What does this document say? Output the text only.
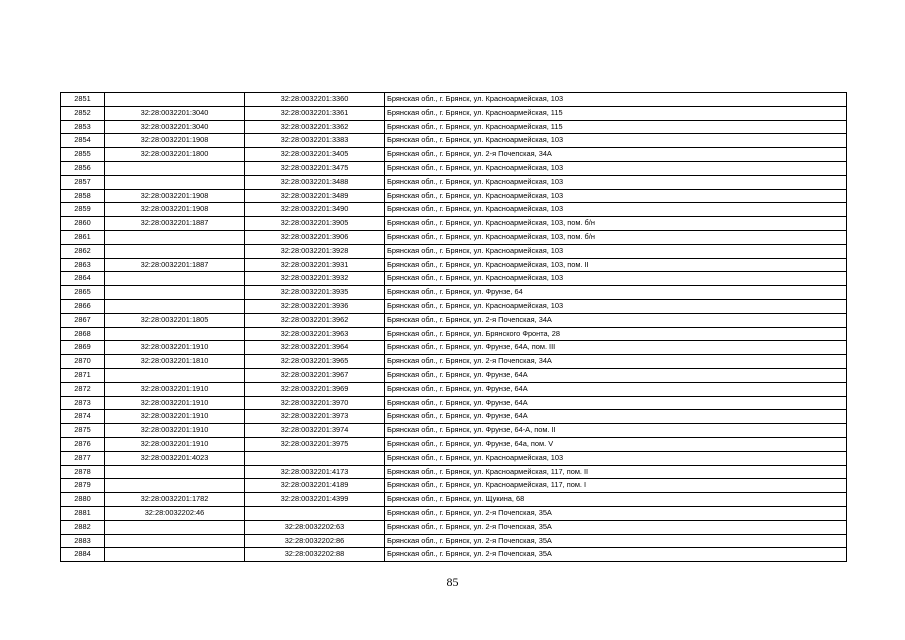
2851		32:28:0032201:3360	Брянская обл., г. Брянск, ул. Красноармейская, 103
2852	32:28:0032201:3040	32:28:0032201:3361	Брянская обл., г. Брянск, ул. Красноармейская, 115
2853	32:28:0032201:3040	32:28:0032201:3362	Брянская обл., г. Брянск, ул. Красноармейская, 115
2854	32:28:0032201:1908	32:28:0032201:3383	Брянская обл., г. Брянск, ул. Красноармейская, 103
2855	32:28:0032201:1800	32:28:0032201:3405	Брянская обл., г. Брянск, ул. 2-я Почепская, 34А
2856		32:28:0032201:3475	Брянская обл., г. Брянск, ул. Красноармейская, 103
2857		32:28:0032201:3488	Брянская обл., г. Брянск, ул. Красноармейская, 103
2858	32:28:0032201:1908	32:28:0032201:3489	Брянская обл., г. Брянск, ул. Красноармейская, 103
2859	32:28:0032201:1908	32:28:0032201:3490	Брянская обл., г. Брянск, ул. Красноармейская, 103
2860	32:28:0032201:1887	32:28:0032201:3905	Брянская обл., г. Брянск, ул. Красноармейская, 103, пом. б/н
2861		32:28:0032201:3906	Брянская обл., г. Брянск, ул. Красноармейская, 103, пом. б/н
2862		32:28:0032201:3928	Брянская обл., г. Брянск, ул. Красноармейская, 103
2863	32:28:0032201:1887	32:28:0032201:3931	Брянская обл., г. Брянск, ул. Красноармейская, 103, пом. II
2864		32:28:0032201:3932	Брянская обл., г. Брянск, ул. Красноармейская, 103
2865		32:28:0032201:3935	Брянская обл., г. Брянск, ул. Фрунзе, 64
2866		32:28:0032201:3936	Брянская обл., г. Брянск, ул. Красноармейская, 103
2867	32:28:0032201:1805	32:28:0032201:3962	Брянская обл., г. Брянск, ул. 2-я Почепская, 34А
2868		32:28:0032201:3963	Брянская обл., г. Брянск, ул. Брянского Фронта, 28
2869	32:28:0032201:1910	32:28:0032201:3964	Брянская обл., г. Брянск, ул. Фрунзе, 64А, пом. III
2870	32:28:0032201:1810	32:28:0032201:3965	Брянская обл., г. Брянск, ул. 2-я Почепская, 34А
2871		32:28:0032201:3967	Брянская обл., г. Брянск, ул. Фрунзе, 64А
2872	32:28:0032201:1910	32:28:0032201:3969	Брянская обл., г. Брянск, ул. Фрунзе, 64А
2873	32:28:0032201:1910	32:28:0032201:3970	Брянская обл., г. Брянск, ул. Фрунзе, 64А
2874	32:28:0032201:1910	32:28:0032201:3973	Брянская обл., г. Брянск, ул. Фрунзе, 64А
2875	32:28:0032201:1910	32:28:0032201:3974	Брянская обл., г. Брянск, ул. Фрунзе, 64-А, пом. II
2876	32:28:0032201:1910	32:28:0032201:3975	Брянская обл., г. Брянск, ул. Фрунзе, 64а, пом. V
2877	32:28:0032201:4023		Брянская обл., г. Брянск, ул. Красноармейская, 103
2878		32:28:0032201:4173	Брянская обл., г. Брянск, ул. Красноармейская, 117, пом. II
2879		32:28:0032201:4189	Брянская обл., г. Брянск, ул. Красноармейская, 117, пом. I
2880	32:28:0032201:1782	32:28:0032201:4399	Брянская обл., г. Брянск, ул. Щукина, 68
2881	32:28:0032202:46		Брянская обл., г. Брянск, ул. 2-я Почепская, 35А
2882		32:28:0032202:63	Брянская обл., г. Брянск, ул. 2-я Почепская, 35А
2883		32:28:0032202:86	Брянская обл., г. Брянск, ул. 2-я Почепская, 35А
2884		32:28:0032202:88	Брянская обл., г. Брянск, ул. 2-я Почепская, 35А
85
